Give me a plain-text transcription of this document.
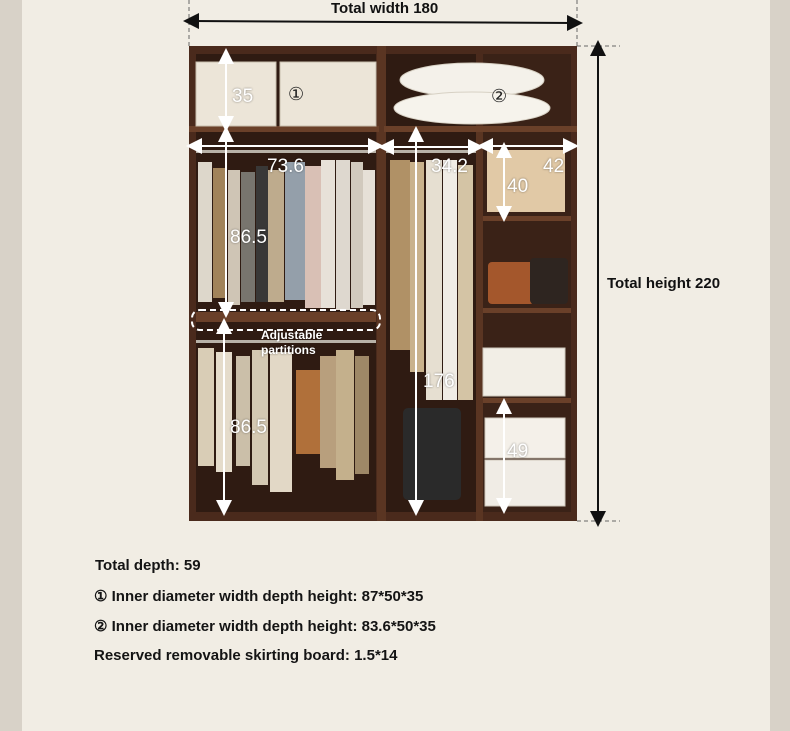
Total width 180
Total height 220
35 ①	②
73.6	34.2	42
40
86.5
86.5
176
49
Adjustable
partitions
Total depth: 59
① Inner diameter width depth height: 87*50*35
② Inner diameter width depth height: 83.6*50*35
Reserved removable skirting board: 1.5*14
